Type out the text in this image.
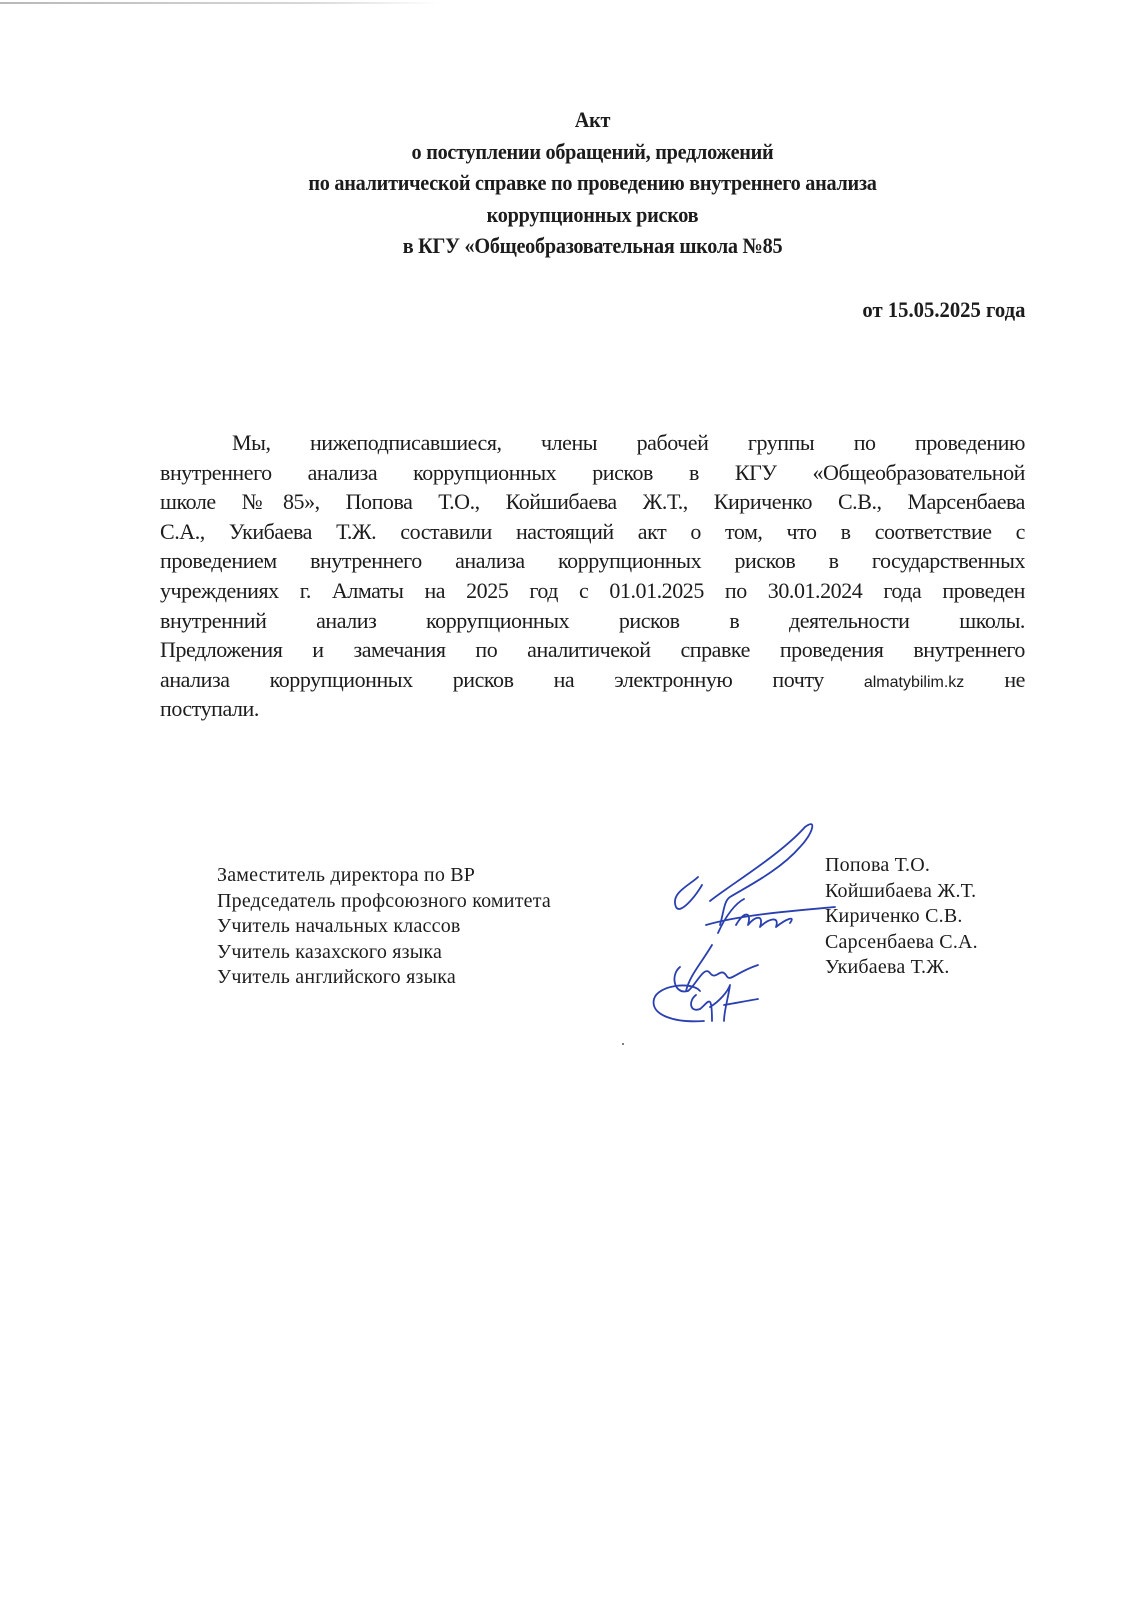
Акт
о поступлении обращений, предложений
по аналитической справке по проведению внутреннего анализа
коррупционных рисков
в КГУ «Общеобразовательная школа №85
от 15.05.2025 года
Мы, нижеподписавшиеся, члены рабочей группы по проведению
внутреннего анализа коррупционных рисков в КГУ «Общеобразовательной
школе №85», Попова Т.О., Койшибаева Ж.Т., Кириченко С.В., Марсенбаева
С.А., Укибаева Т.Ж. составили настоящий акт о том, что в соответствие с
проведением внутреннего анализа коррупционных рисков в государственных
учреждениях г. Алматы на 2025 год с 01.01.2025 по 30.01.2024 года проведен
внутренний анализ коррупционных рисков в деятельности школы.
Предложения и замечания по аналитичекой справке проведения внутреннего
анализа коррупционных рисков на электронную почту	almatybilim.kz не
поступали.
Заместитель директора по ВР
Председатель профсоюзного комитета
Учитель начальных классов
Учитель казахского языка
Учитель английского языка
Попова Т.О.
Койшибаева Ж.Т.
Кириченко С.В.
Сарсенбаева С.А.
Укибаева Т.Ж.
